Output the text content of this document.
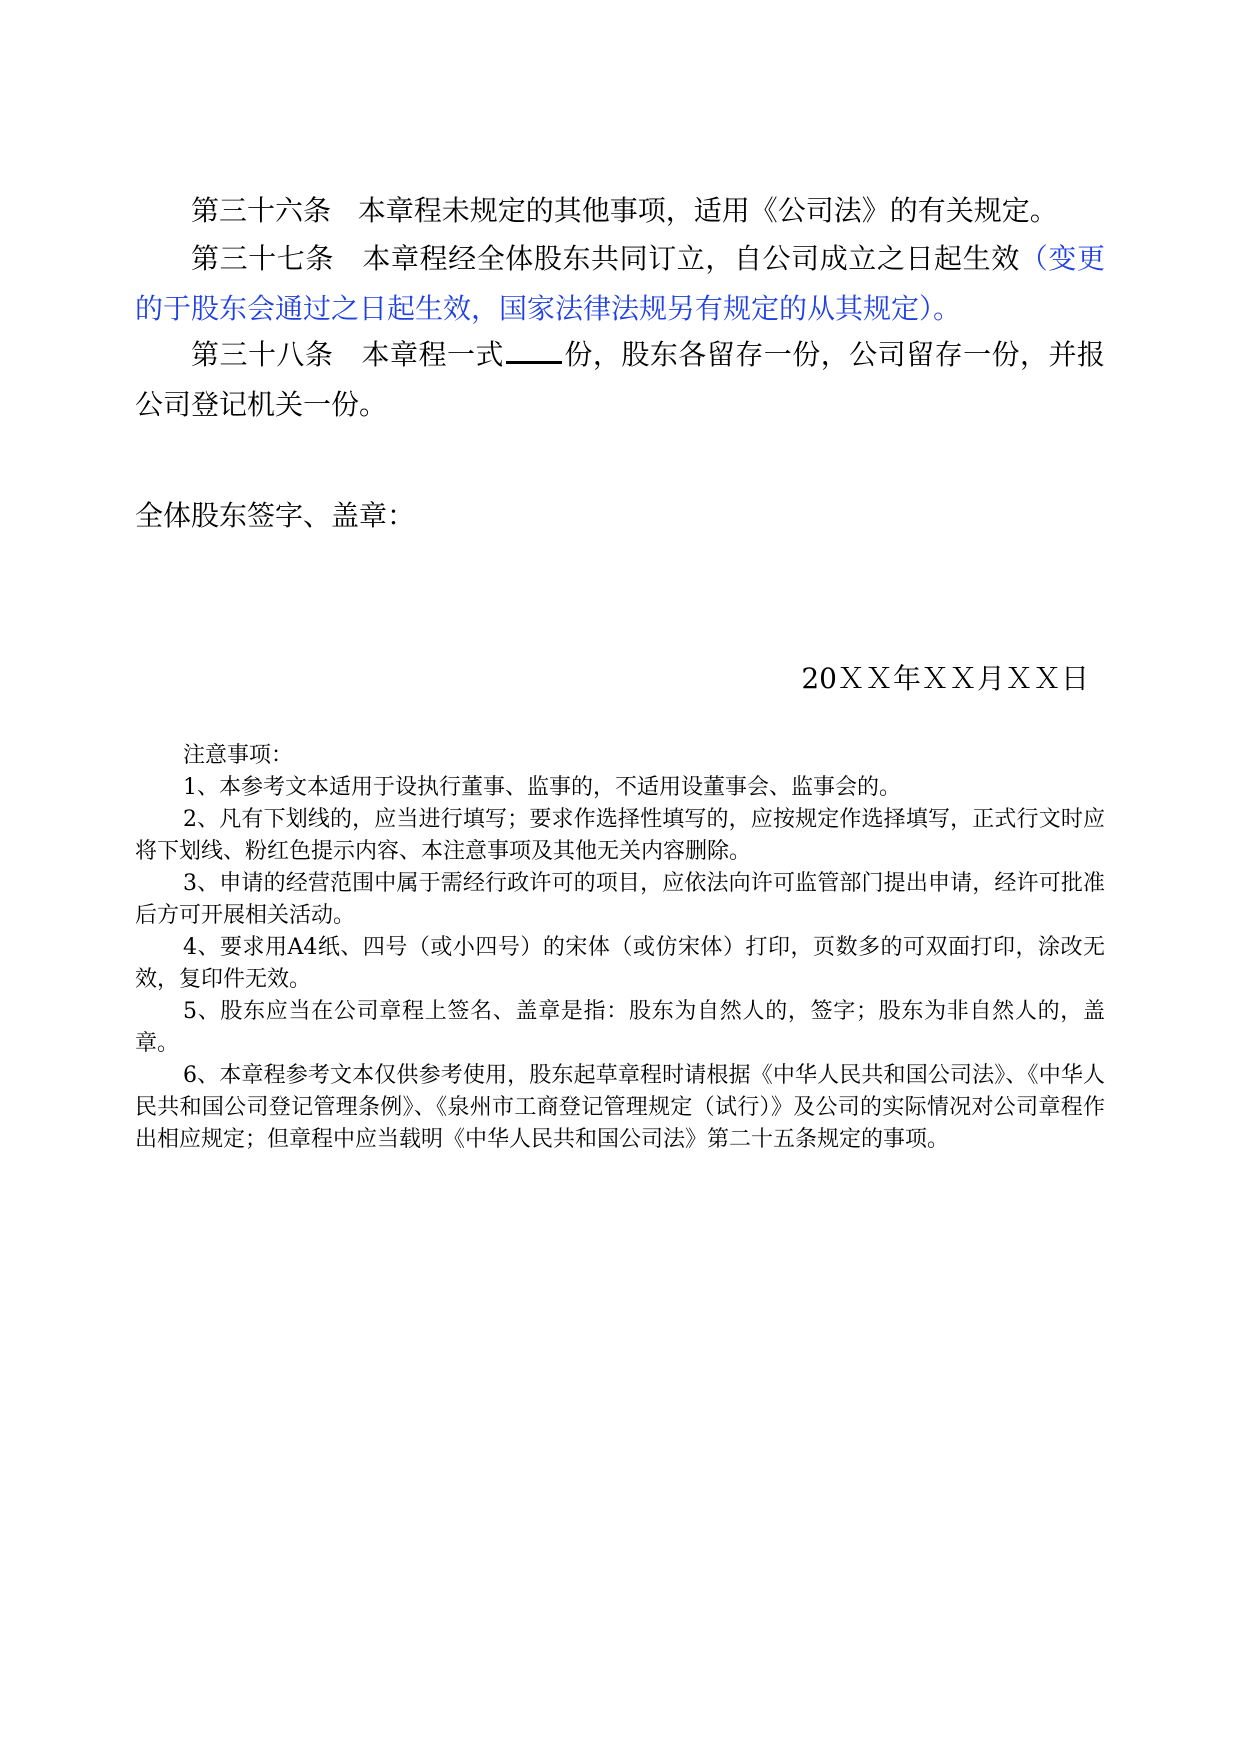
第三十六条 本章程未规定的其他事项，适用《公司法》的有关规定。

第三十七条 本章程经全体股东共同订立，自公司成立之日起生效（变更的于股东会通过之日起生效，国家法律法规另有规定的从其规定）。

第三十八条 本章程一式 份，股东各留存一份，公司留存一份，并报公司登记机关一份。

全体股东签字、盖章：
20ＸＸ年ＸＸ月ＸＸ日

注意事项：

1、本参考文本适用于设执行董事、监事的，不适用设董事会、监事会的。

2、凡有下划线的，应当进行填写；要求作选择性填写的，应按规定作选择填写，正式行文时应将下划线、粉红色提示内容、本注意事项及其他无关内容删除。

3、申请的经营范围中属于需经行政许可的项目，应依法向许可监管部门提出申请，经许可批准后方可开展相关活动。

4、要求用A4纸、四号（或小四号）的宋体（或仿宋体）打印，页数多的可双面打印，涂改无效，复印件无效。

5、股东应当在公司章程上签名、盖章是指：股东为自然人的，签字；股东为非自然人的，盖章。

6、本章程参考文本仅供参考使用，股东起草章程时请根据《中华人民共和国公司法》、《中华人民共和国公司登记管理条例》、《泉州市工商登记管理规定（试行）》及公司的实际情况对公司章程作出相应规定；但章程中应当载明《中华人民共和国公司法》第二十五条规定的事项。
